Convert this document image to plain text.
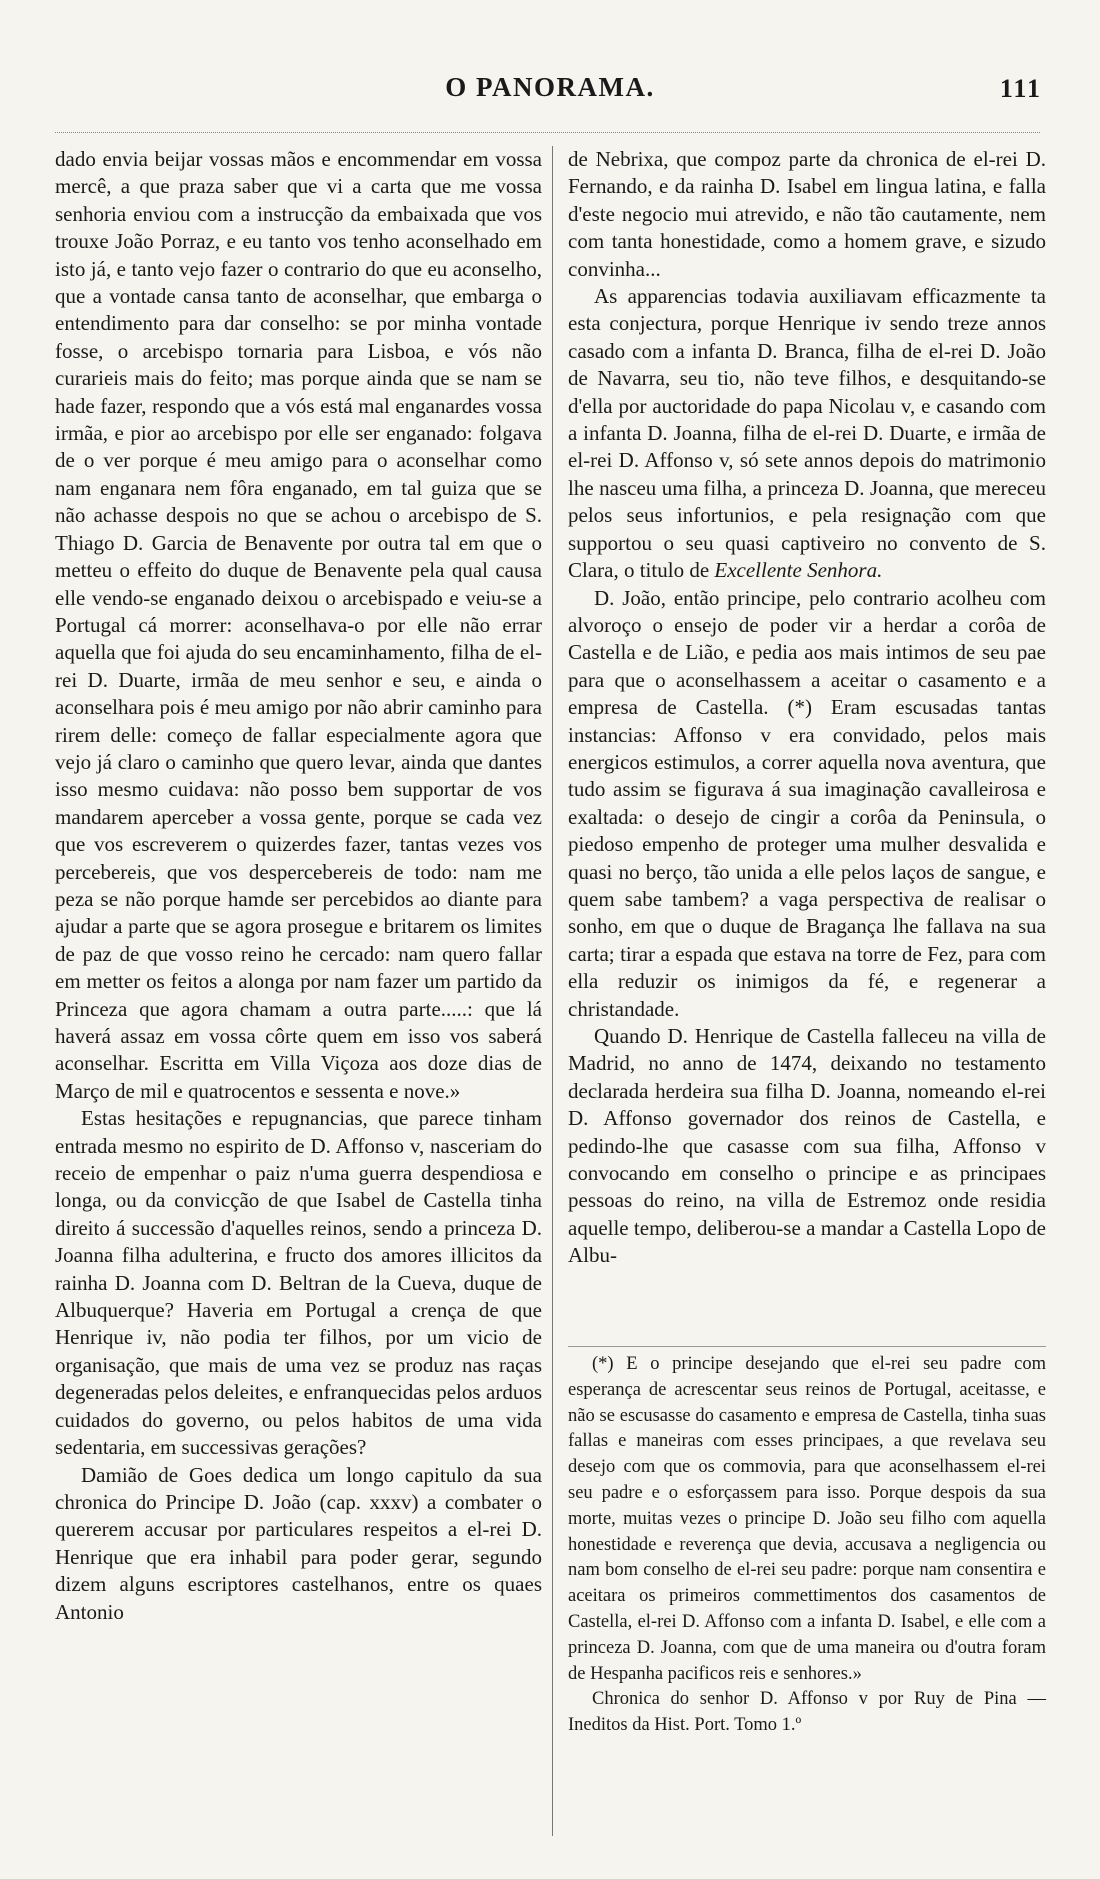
O PANORAMA.	111

dado envia beijar vossas mãos e encommendar em vossa mercê, a que praza saber que vi a carta que me vossa senhoria enviou com a instrucção da embaixada que vos trouxe João Porraz, e eu tanto vos tenho aconselhado em isto já, e tanto vejo fazer o contrario do que eu aconselho, que a vontade cansa tanto de aconselhar, que embarga o entendimento para dar conselho: se por minha vontade fosse, o arcebispo tornaria para Lisboa, e vós não curarieis mais do feito; mas porque ainda que se nam se hade fazer, respondo que a vós está mal enganardes vossa irmãa, e pior ao arcebispo por elle ser enganado: folgava de o ver porque é meu amigo para o aconselhar como nam enganara nem fôra enganado, em tal guiza que se não achasse despois no que se achou o arcebispo de S. Thiago D. Garcia de Benavente por outra tal em que o metteu o effeito do duque de Benavente pela qual causa elle vendo-se enganado deixou o arcebispado e veiu-se a Portugal cá morrer: aconselhava-o por elle não errar aquella que foi ajuda do seu encaminhamento, filha de el-rei D. Duarte, irmãa de meu senhor e seu, e ainda o aconselhara pois é meu amigo por não abrir caminho para rirem delle: começo de fallar especialmente agora que vejo já claro o caminho que quero levar, ainda que dantes isso mesmo cuidava: não posso bem supportar de vos mandarem aperceber a vossa gente, porque se cada vez que vos escreverem o quizerdes fazer, tantas vezes vos percebereis, que vos despercebereis de todo: nam me peza se não porque hamde ser percebidos ao diante para ajudar a parte que se agora prosegue e britarem os limites de paz de que vosso reino he cercado: nam quero fallar em metter os feitos a alonga por nam fazer um partido da Princeza que agora chamam a outra parte.....: que lá haverá assaz em vossa côrte quem em isso vos saberá aconselhar. Escritta em Villa Viçoza aos doze dias de Março de mil e quatrocentos e sessenta e nove.»

Estas hesitações e repugnancias, que parece tinham entrada mesmo no espirito de D. Affonso v, nasceriam do receio de empenhar o paiz n'uma guerra despendiosa e longa, ou da convicção de que Isabel de Castella tinha direito á successão d'aquelles reinos, sendo a princeza D. Joanna filha adulterina, e fructo dos amores illicitos da rainha D. Joanna com D. Beltran de la Cueva, duque de Albuquerque? Haveria em Portugal a crença de que Henrique iv, não podia ter filhos, por um vicio de organisação, que mais de uma vez se produz nas raças degeneradas pelos deleites, e enfranquecidas pelos arduos cuidados do governo, ou pelos habitos de uma vida sedentaria, em successivas gerações?

Damião de Goes dedica um longo capitulo da sua chronica do Principe D. João (cap. xxxv) a combater o quererem accusar por particulares respeitos a el-rei D. Henrique que era inhabil para poder gerar, segundo dizem alguns escriptores castelhanos, entre os quaes Antonio

de Nebrixa, que compoz parte da chronica de el-rei D. Fernando, e da rainha D. Isabel em lingua latina, e falla d'este negocio mui atrevido, e não tão cautamente, nem com tanta honestidade, como a homem grave, e sizudo convinha...

As apparencias todavia auxiliavam efficazmente ta esta conjectura, porque Henrique iv sendo treze annos casado com a infanta D. Branca, filha de el-rei D. João de Navarra, seu tio, não teve filhos, e desquitando-se d'ella por auctoridade do papa Nicolau v, e casando com a infanta D. Joanna, filha de el-rei D. Duarte, e irmãa de el-rei D. Affonso v, só sete annos depois do matrimonio lhe nasceu uma filha, a princeza D. Joanna, que mereceu pelos seus infortunios, e pela resignação com que supportou o seu quasi captiveiro no convento de S. Clara, o titulo de Excellente Senhora.

D. João, então principe, pelo contrario acolheu com alvoroço o ensejo de poder vir a herdar a corôa de Castella e de Lião, e pedia aos mais intimos de seu pae para que o aconselhassem a aceitar o casamento e a empresa de Castella. (*) Eram escusadas tantas instancias: Affonso v era convidado, pelos mais energicos estimulos, a correr aquella nova aventura, que tudo assim se figurava á sua imaginação cavalleirosa e exaltada: o desejo de cingir a corôa da Peninsula, o piedoso empenho de proteger uma mulher desvalida e quasi no berço, tão unida a elle pelos laços de sangue, e quem sabe tambem? a vaga perspectiva de realisar o sonho, em que o duque de Bragança lhe fallava na sua carta; tirar a espada que estava na torre de Fez, para com ella reduzir os inimigos da fé, e regenerar a christandade.

Quando D. Henrique de Castella falleceu na villa de Madrid, no anno de 1474, deixando no testamento declarada herdeira sua filha D. Joanna, nomeando el-rei D. Affonso governador dos reinos de Castella, e pedindo-lhe que casasse com sua filha, Affonso v convocando em conselho o principe e as principaes pessoas do reino, na villa de Estremoz onde residia aquelle tempo, deliberou-se a mandar a Castella Lopo de Albu-

(*) E o principe desejando que el-rei seu padre com esperança de acrescentar seus reinos de Portugal, aceitasse, e não se escusasse do casamento e empresa de Castella, tinha suas fallas e maneiras com esses principaes, a que revelava seu desejo com que os commovia, para que aconselhassem el-rei seu padre e o esforçassem para isso. Porque despois da sua morte, muitas vezes o principe D. João seu filho com aquella honestidade e reverença que devia, accusava a negligencia ou nam bom conselho de el-rei seu padre: porque nam consentira e aceitara os primeiros commettimentos dos casamentos de Castella, el-rei D. Affonso com a infanta D. Isabel, e elle com a princeza D. Joanna, com que de uma maneira ou d'outra foram de Hespanha pacificos reis e senhores.»

Chronica do senhor D. Affonso v por Ruy de Pina — Ineditos da Hist. Port. Tomo 1.º
